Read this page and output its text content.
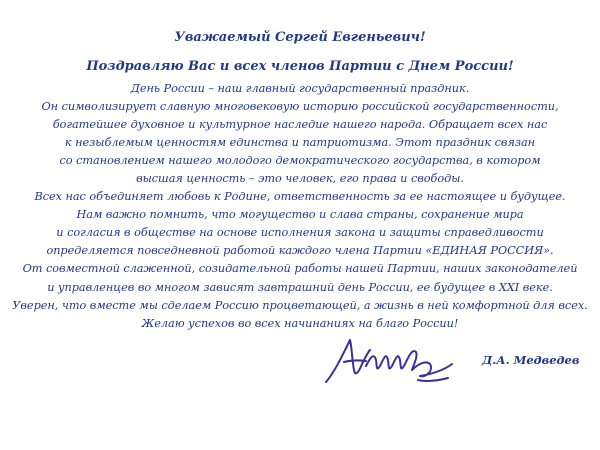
Уважаемый Сергей Евгеньевич!
Поздравляю Вас и всех членов Партии с Днем России!
День России – наш главный государственный праздник.
Он символизирует славную многовековую историю российской государственности,
богатейшее духовное и культурное наследие нашего народа. Обращает всех нас
к незыблемым ценностям единства и патриотизма. Этот праздник связан
со становлением нашего молодого демократического государства, в котором
высшая ценность – это человек, его права и свободы.
Всех нас объединяет любовь к Родине, ответственность за ее настоящее и будущее.
Нам важно помнить, что могущество и слава страны, сохранение мира
и согласия в обществе на основе исполнения закона и защиты справедливости
определяется повседневной работой каждого члена Партии «ЕДИНАЯ РОССИЯ».
От совместной слаженной, созидательной работы нашей Партии, наших законодателей
и управленцев во многом зависят завтрашний день России, ее будущее в XXI веке.
Уверен, что вместе мы сделаем Россию процветающей, а жизнь в ней комфортной для всех.
Желаю успехов во всех начинаниях на благо России!
Д.А. Медведев
